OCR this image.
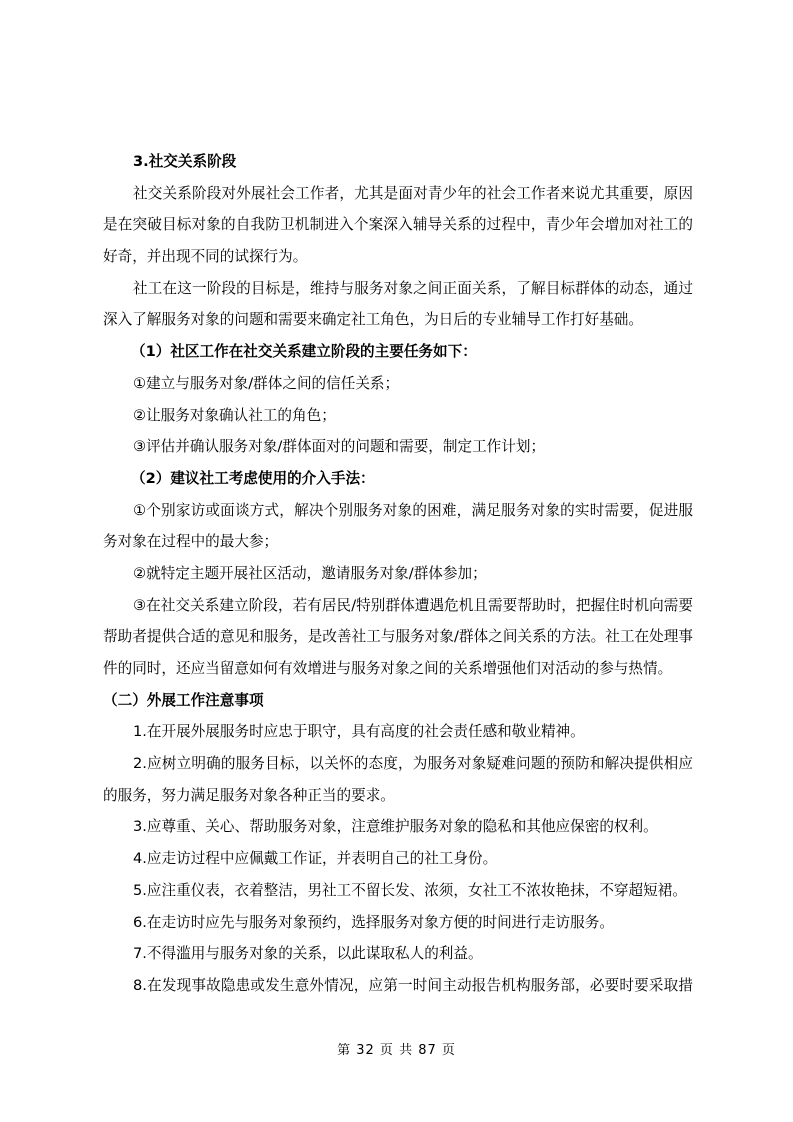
3.社交关系阶段
社交关系阶段对外展社会工作者，尤其是面对青少年的社会工作者来说尤其重要，原因
是在突破目标对象的自我防卫机制进入个案深入辅导关系的过程中，青少年会增加对社工的
好奇，并出现不同的试探行为。
社工在这一阶段的目标是，维持与服务对象之间正面关系，了解目标群体的动态，通过
深入了解服务对象的问题和需要来确定社工角色，为日后的专业辅导工作打好基础。
（1）社区工作在社交关系建立阶段的主要任务如下：
①建立与服务对象/群体之间的信任关系；
②让服务对象确认社工的角色；
③评估并确认服务对象/群体面对的问题和需要，制定工作计划；
（2）建议社工考虑使用的介入手法：
①个别家访或面谈方式，解决个别服务对象的困难，满足服务对象的实时需要，促进服
务对象在过程中的最大参；
②就特定主题开展社区活动，邀请服务对象/群体参加；
③在社交关系建立阶段，若有居民/特别群体遭遇危机且需要帮助时，把握住时机向需要
帮助者提供合适的意见和服务，是改善社工与服务对象/群体之间关系的方法。社工在处理事
件的同时，还应当留意如何有效增进与服务对象之间的关系增强他们对活动的参与热情。
（二）外展工作注意事项
1.在开展外展服务时应忠于职守，具有高度的社会责任感和敬业精神。
2.应树立明确的服务目标，以关怀的态度，为服务对象疑难问题的预防和解决提供相应
的服务，努力满足服务对象各种正当的要求。
3.应尊重、关心、帮助服务对象，注意维护服务对象的隐私和其他应保密的权利。
4.应走访过程中应佩戴工作证，并表明自己的社工身份。
5.应注重仪表，衣着整洁，男社工不留长发、浓须，女社工不浓妆艳抹，不穿超短裙。
6.在走访时应先与服务对象预约，选择服务对象方便的时间进行走访服务。
7.不得滥用与服务对象的关系，以此谋取私人的利益。
8.在发现事故隐患或发生意外情况，应第一时间主动报告机构服务部，必要时要采取措
第 32 页 共 87 页
